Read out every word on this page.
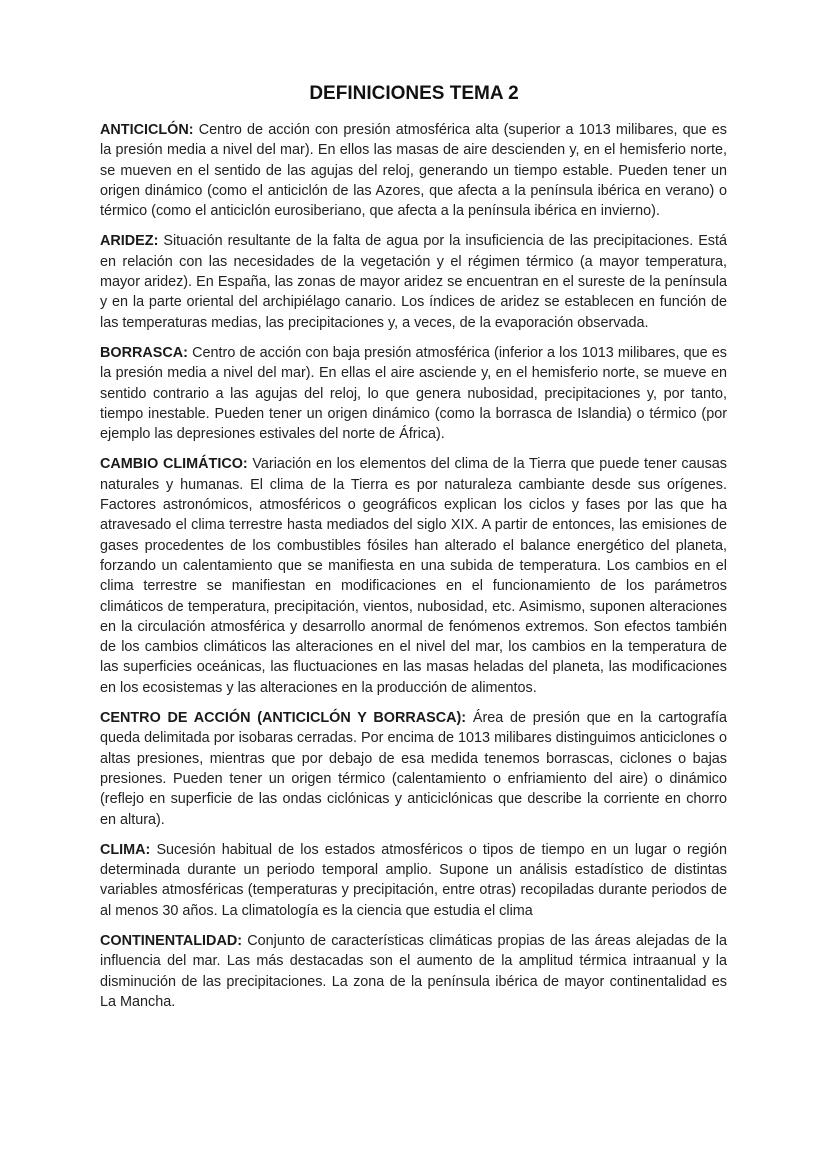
DEFINICIONES TEMA 2

ANTICICLÓN: Centro de acción con presión atmosférica alta (superior a 1013 milibares, que es la presión media a nivel del mar). En ellos las masas de aire descienden y, en el hemisferio norte, se mueven en el sentido de las agujas del reloj, generando un tiempo estable. Pueden tener un origen dinámico (como el anticiclón de las Azores, que afecta a la península ibérica en verano) o térmico (como el anticiclón eurosiberiano, que afecta a la península ibérica en invierno).

ARIDEZ: Situación resultante de la falta de agua por la insuficiencia de las precipitaciones. Está en relación con las necesidades de la vegetación y el régimen térmico (a mayor temperatura, mayor aridez). En España, las zonas de mayor aridez se encuentran en el sureste de la península y en la parte oriental del archipiélago canario. Los índices de aridez se establecen en función de las temperaturas medias, las precipitaciones y, a veces, de la evaporación observada.

BORRASCA: Centro de acción con baja presión atmosférica (inferior a los 1013 milibares, que es la presión media a nivel del mar). En ellas el aire asciende y, en el hemisferio norte, se mueve en sentido contrario a las agujas del reloj, lo que genera nubosidad, precipitaciones y, por tanto, tiempo inestable. Pueden tener un origen dinámico (como la borrasca de Islandia) o térmico (por ejemplo las depresiones estivales del norte de África).

CAMBIO CLIMÁTICO: Variación en los elementos del clima de la Tierra que puede tener causas naturales y humanas. El clima de la Tierra es por naturaleza cambiante desde sus orígenes. Factores astronómicos, atmosféricos o geográficos explican los ciclos y fases por las que ha atravesado el clima terrestre hasta mediados del siglo XIX. A partir de entonces, las emisiones de gases procedentes de los combustibles fósiles han alterado el balance energético del planeta, forzando un calentamiento que se manifiesta en una subida de temperatura. Los cambios en el clima terrestre se manifiestan en modificaciones en el funcionamiento de los parámetros climáticos de temperatura, precipitación, vientos, nubosidad, etc. Asimismo, suponen alteraciones en la circulación atmosférica y desarrollo anormal de fenómenos extremos. Son efectos también de los cambios climáticos las alteraciones en el nivel del mar, los cambios en la temperatura de las superficies oceánicas, las fluctuaciones en las masas heladas del planeta, las modificaciones en los ecosistemas y las alteraciones en la producción de alimentos.

CENTRO DE ACCIÓN (ANTICICLÓN Y BORRASCA): Área de presión que en la cartografía queda delimitada por isobaras cerradas. Por encima de 1013 milibares distinguimos anticiclones o altas presiones, mientras que por debajo de esa medida tenemos borrascas, ciclones o bajas presiones. Pueden tener un origen térmico (calentamiento o enfriamiento del aire) o dinámico (reflejo en superficie de las ondas ciclónicas y anticiclónicas que describe la corriente en chorro en altura).

CLIMA: Sucesión habitual de los estados atmosféricos o tipos de tiempo en un lugar o región determinada durante un periodo temporal amplio. Supone un análisis estadístico de distintas variables atmosféricas (temperaturas y precipitación, entre otras) recopiladas durante periodos de al menos 30 años. La climatología es la ciencia que estudia el clima

CONTINENTALIDAD: Conjunto de características climáticas propias de las áreas alejadas de la influencia del mar. Las más destacadas son el aumento de la amplitud térmica intraanual y la disminución de las precipitaciones. La zona de la península ibérica de mayor continentalidad es La Mancha.
